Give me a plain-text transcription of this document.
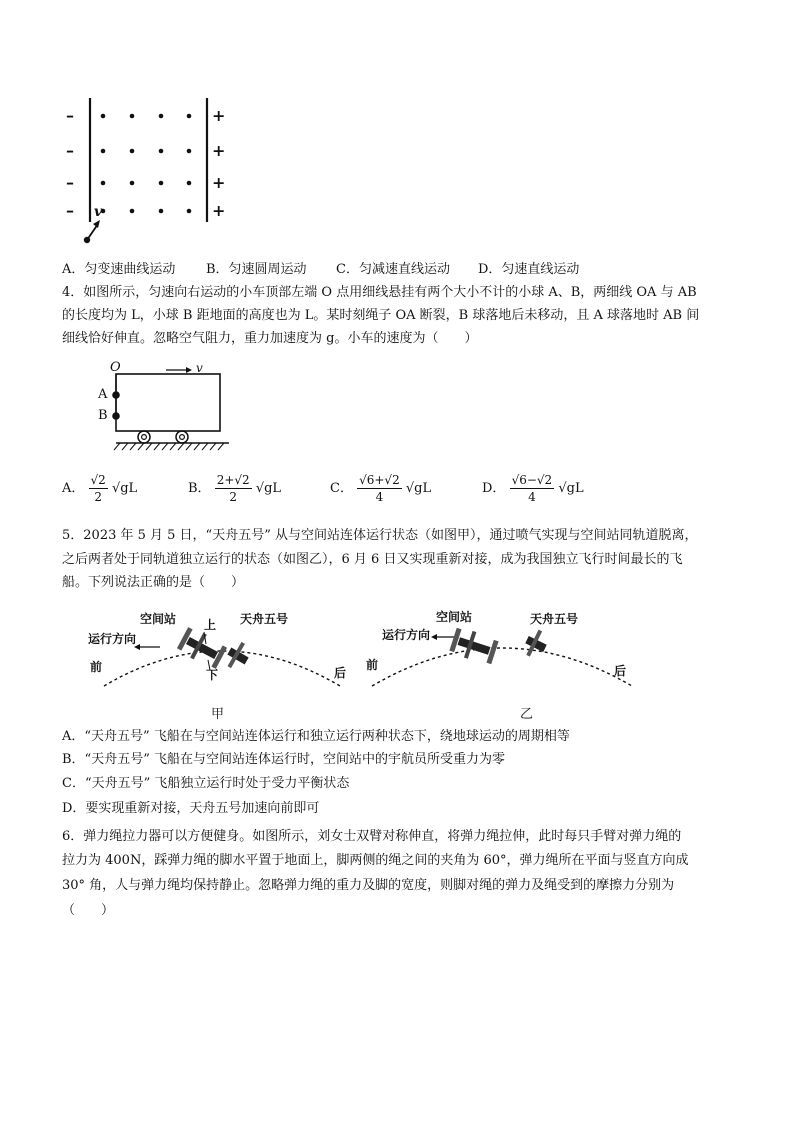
–
–
–
–
+
+
+
+
v
A．匀变速曲线运动 B．匀速圆周运动 C．匀减速直线运动 D．匀速直线运动
4．如图所示，匀速向右运动的小车顶部左端 O 点用细线悬挂有两个大小不计的小球 A、B，两细线 OA 与 AB
的长度均为 L，小球 B 距地面的高度也为 L。某时刻绳子 OA 断裂，B 球落地后未移动，且 A 球落地时 AB 间
细线恰好伸直。忽略空气阻力，重力加速度为 g。小车的速度为（　　）
O
A
B
v
A． $\frac{√2}{2} √gL$	B． $\frac{2+√2}{2} √gL$	C． $\frac{√6+√2}{4} √gL$	D． $\frac{√6-√2}{4} √gL$
5．2023 年 5 月 5 日，“天舟五号” 从与空间站连体运行状态（如图甲），通过喷气实现与空间站同轨道脱离，
之后两者处于同轨道独立运行的状态（如图乙），6 月 6 日又实现重新对接，成为我国独立飞行时间最长的飞
船。下列说法正确的是（　　）
空间站	天舟五号
上
运行方向
下
前	后
甲
空间站	天舟五号
运行方向
前	后
乙
A．“天舟五号” 飞船在与空间站连体运行和独立运行两种状态下，绕地球运动的周期相等
B．“天舟五号” 飞船在与空间站连体运行时，空间站中的宇航员所受重力为零
C．“天舟五号” 飞船独立运行时处于受力平衡状态
D．要实现重新对接，天舟五号加速向前即可
6．弹力绳拉力器可以方便健身。如图所示，刘女士双臂对称伸直，将弹力绳拉伸，此时每只手臂对弹力绳的
拉力为 400N，踩弹力绳的脚水平置于地面上，脚两侧的绳之间的夹角为 60°，弹力绳所在平面与竖直方向成
30° 角，人与弹力绳均保持静止。忽略弹力绳的重力及脚的宽度，则脚对绳的弹力及绳受到的摩擦力分别为
（　　）
